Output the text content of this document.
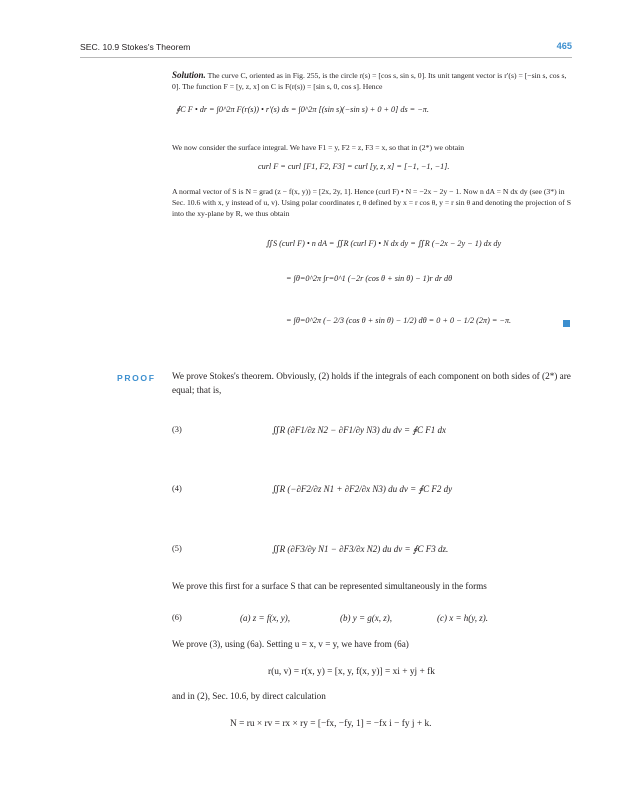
SEC. 10.9 Stokes's Theorem	465
Solution. The curve C, oriented as in Fig. 255, is the circle r(s) = [cos s, sin s, 0]. Its unit tangent vector is r′(s) = [−sin s, cos s, 0]. The function F = [y, z, x] on C is F(r(s)) = [sin s, 0, cos s]. Hence
∮C F • dr = ∫0^2π F(r(s)) • r′(s) ds = ∫0^2π [(sin s)(−sin s) + 0 + 0] ds = −π.
We now consider the surface integral. We have F1 = y, F2 = z, F3 = x, so that in (2*) we obtain
curl F = curl [F1, F2, F3] = curl [y, z, x] = [−1, −1, −1].
A normal vector of S is N = grad (z − f(x, y)) = [2x, 2y, 1]. Hence (curl F) • N = −2x − 2y − 1. Now n dA = N dx dy (see (3*) in Sec. 10.6 with x, y instead of u, v). Using polar coordinates r, θ defined by x = r cos θ, y = r sin θ and denoting the projection of S into the xy-plane by R, we thus obtain
∬S (curl F) • n dA = ∬R (curl F) • N dx dy = ∬R (−2x − 2y − 1) dx dy
= ∫θ=0^2π ∫r=0^1 (−2r (cos θ + sin θ) − 1)r dr dθ
= ∫θ=0^2π (− 2/3 (cos θ + sin θ) − 1/2) dθ = 0 + 0 − 1/2 (2π) = −π.
PROOF We prove Stokes's theorem. Obviously, (2) holds if the integrals of each component on both sides of (2*) are equal; that is,
(3)	∬R (∂F1/∂z N2 − ∂F1/∂y N3) du dv = ∮C F1 dx
(4)	∬R (−∂F2/∂z N1 + ∂F2/∂x N3) du dv = ∮C F2 dy
(5)	∬R (∂F3/∂y N1 − ∂F3/∂x N2) du dv = ∮C F3 dz.
We prove this first for a surface S that can be represented simultaneously in the forms
(6)	(a) z = f(x, y),	(b) y = g(x, z),	(c) x = h(y, z).
We prove (3), using (6a). Setting u = x, v = y, we have from (6a)
r(u, v) = r(x, y) = [x, y, f(x, y)] = xi + yj + fk
and in (2), Sec. 10.6, by direct calculation
N = ru × rv = rx × ry = [−fx, −fy, 1] = −fx i − fy j + k.
